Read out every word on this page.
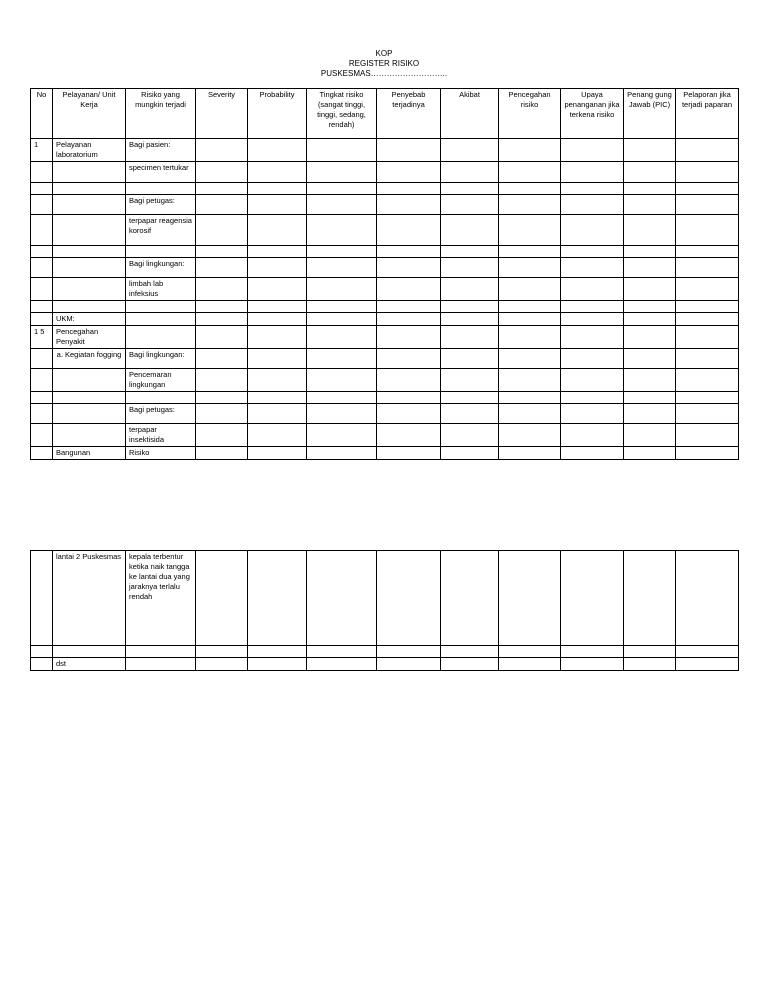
KOP
REGISTER RISIKO
PUSKESMAS………………………..
No	Pelayanan/ Unit Kerja	Risiko yang mungkin terjadi	Severity	Probability	Tingkat risiko (sangat tinggi, tinggi, sedang, rendah)	Penyebab terjadinya	Akibat	Pencegahan risiko	Upaya penanganan jika terkena risiko	Penang gung Jawab (PIC)	Pelaporan jika terjadi paparan
1	Pelayanan laboratorium	Bagi pasien:									
		specimen tertukar									

		Bagi petugas:									
		terpapar reagensia korosif									

		Bagi lingkungan:									
		limbah lab infeksius									

	UKM:										
1 5	Pencegahan Penyakit										
	a. Kegiatan fogging	Bagi lingkungan:									
		Pencemaran lingkungan									

		Bagi petugas:									
		terpapar insektisida									
	Bangunan	Risiko									
	lantai 2 Puskesmas	kepala terbentur ketika naik tangga ke lantai dua yang jaraknya terlalu rendah									

	dst										
